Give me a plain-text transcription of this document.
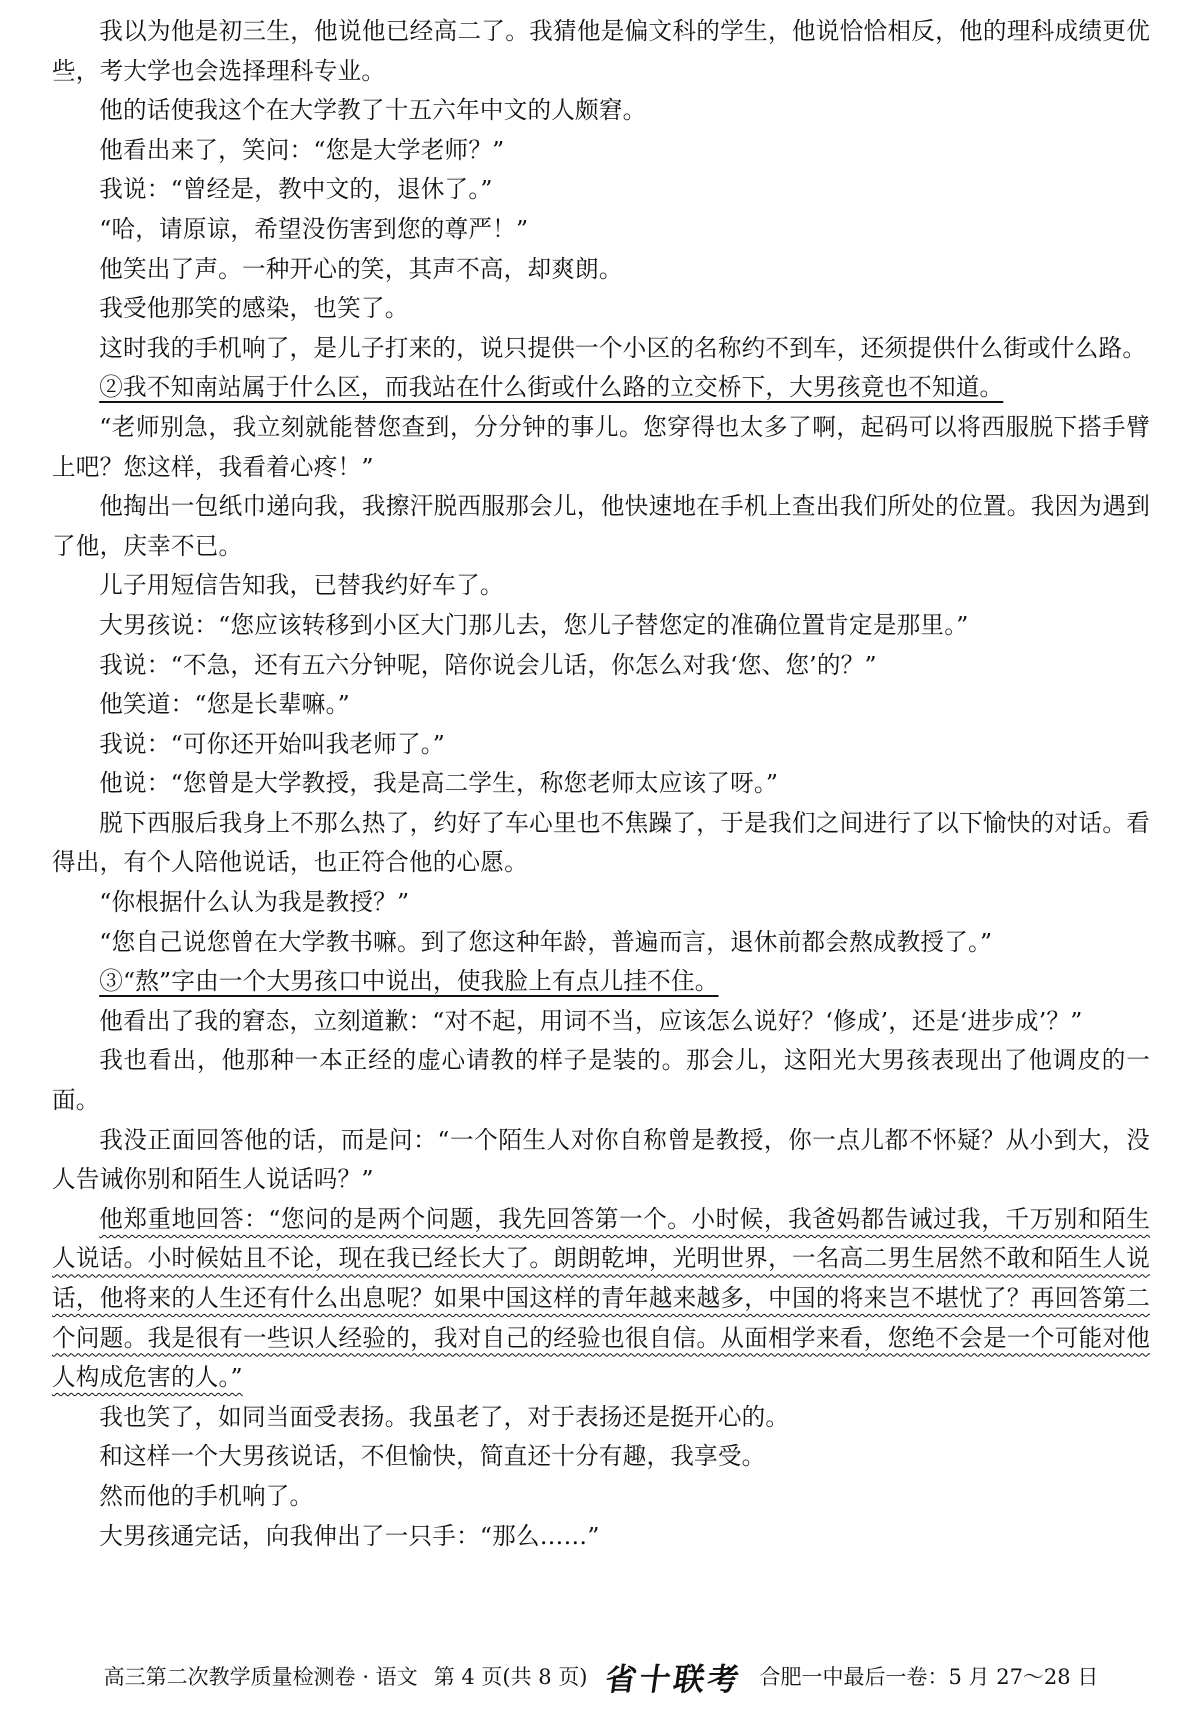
我以为他是初三生，他说他已经高二了。我猜他是偏文科的学生，他说恰恰相反，他的理科成绩更优些，考大学也会选择理科专业。

他的话使我这个在大学教了十五六年中文的人颇窘。

他看出来了，笑问：“您是大学老师？”

我说：“曾经是，教中文的，退休了。”

“哈，请原谅，希望没伤害到您的尊严！”

他笑出了声。一种开心的笑，其声不高，却爽朗。

我受他那笑的感染，也笑了。

这时我的手机响了，是儿子打来的，说只提供一个小区的名称约不到车，还须提供什么街或什么路。

②我不知南站属于什么区，而我站在什么街或什么路的立交桥下，大男孩竟也不知道。

“老师别急，我立刻就能替您查到，分分钟的事儿。您穿得也太多了啊，起码可以将西服脱下搭手臂上吧？您这样，我看着心疼！”

他掏出一包纸巾递向我，我擦汗脱西服那会儿，他快速地在手机上查出我们所处的位置。我因为遇到了他，庆幸不已。

儿子用短信告知我，已替我约好车了。

大男孩说：“您应该转移到小区大门那儿去，您儿子替您定的准确位置肯定是那里。”

我说：“不急，还有五六分钟呢，陪你说会儿话，你怎么对我‘您、您’的？”

他笑道：“您是长辈嘛。”

我说：“可你还开始叫我老师了。”

他说：“您曾是大学教授，我是高二学生，称您老师太应该了呀。”

脱下西服后我身上不那么热了，约好了车心里也不焦躁了，于是我们之间进行了以下愉快的对话。看得出，有个人陪他说话，也正符合他的心愿。

“你根据什么认为我是教授？”

“您自己说您曾在大学教书嘛。到了您这种年龄，普遍而言，退休前都会熬成教授了。”

③“熬”字由一个大男孩口中说出，使我脸上有点儿挂不住。

他看出了我的窘态，立刻道歉：“对不起，用词不当，应该怎么说好？‘修成’，还是‘进步成’？”

我也看出，他那种一本正经的虚心请教的样子是装的。那会儿，这阳光大男孩表现出了他调皮的一面。

我没正面回答他的话，而是问：“一个陌生人对你自称曾是教授，你一点儿都不怀疑？从小到大，没人告诫你别和陌生人说话吗？”

他郑重地回答：“您问的是两个问题，我先回答第一个。小时候，我爸妈都告诫过我，千万别和陌生人说话。小时候姑且不论，现在我已经长大了。朗朗乾坤，光明世界，一名高二男生居然不敢和陌生人说话，他将来的人生还有什么出息呢？如果中国这样的青年越来越多，中国的将来岂不堪忧了？再回答第二个问题。我是很有一些识人经验的，我对自己的经验也很自信。从面相学来看，您绝不会是一个可能对他人构成危害的人。”

我也笑了，如同当面受表扬。我虽老了，对于表扬还是挺开心的。

和这样一个大男孩说话，不但愉快，简直还十分有趣，我享受。

然而他的手机响了。

大男孩通完话，向我伸出了一只手：“那么……”

高三第二次教学质量检测卷 · 语文 第 4 页(共 8 页) 省十联考 合肥一中最后一卷：5 月 27～28 日
